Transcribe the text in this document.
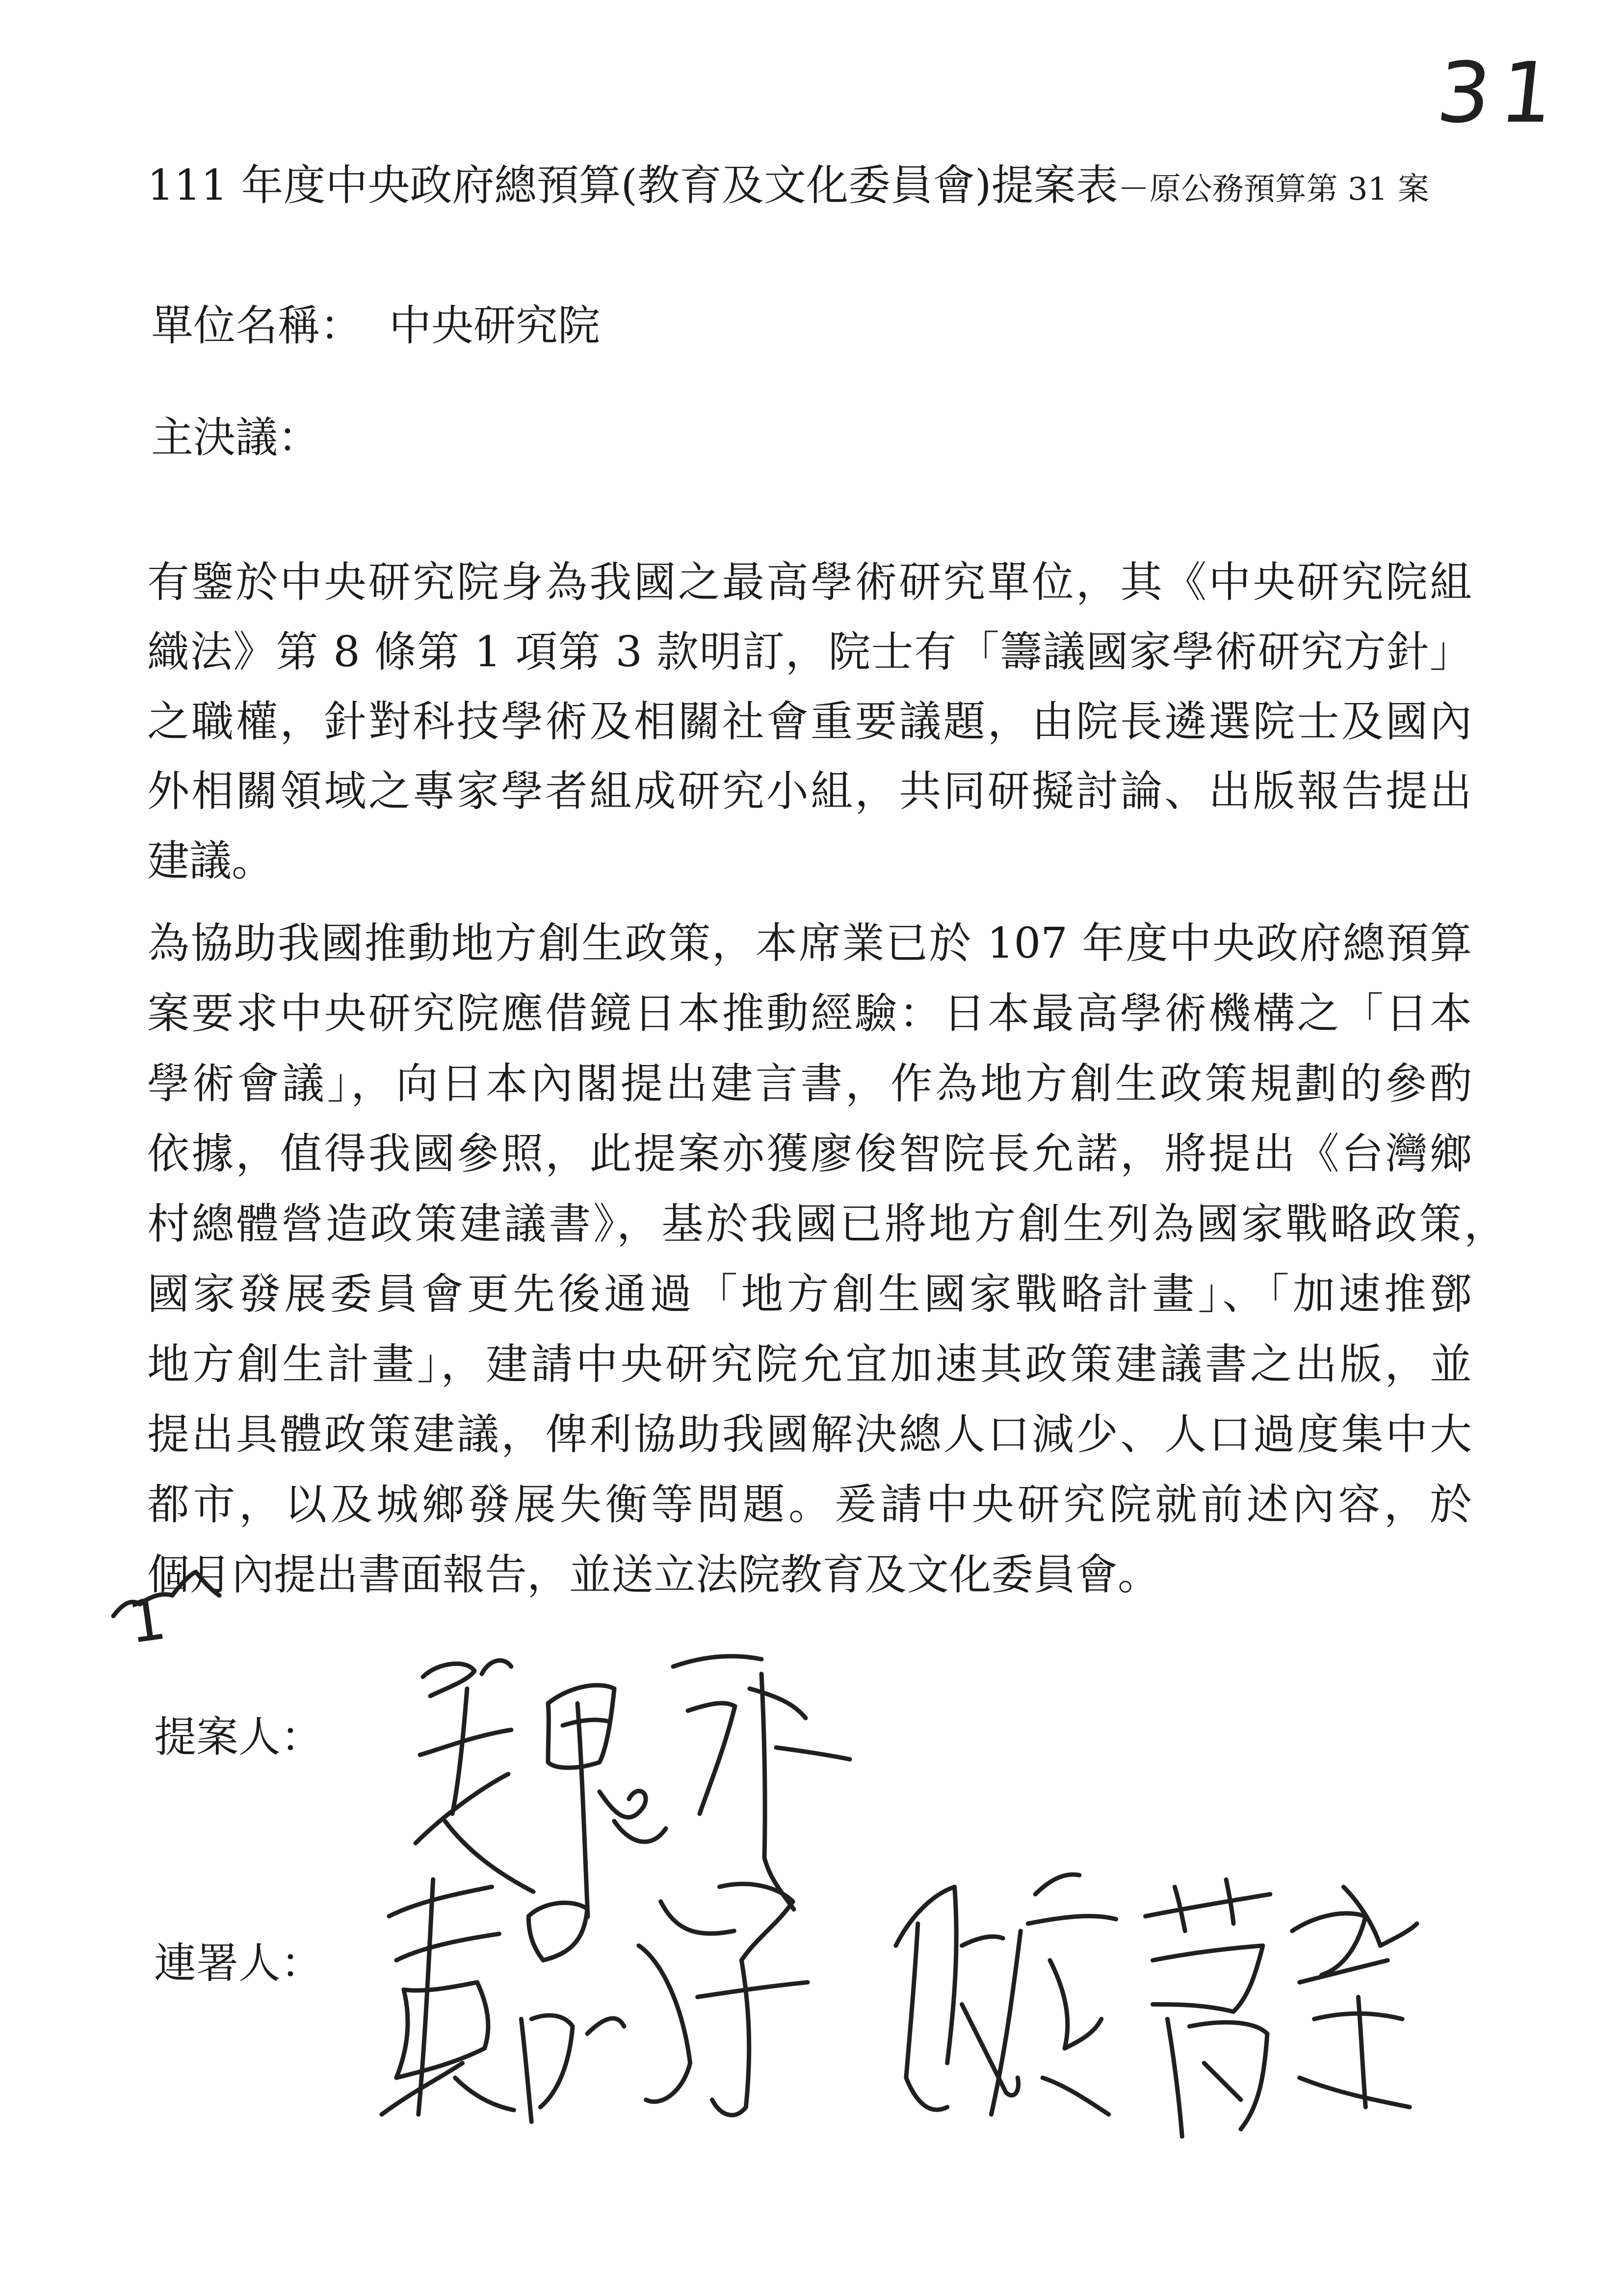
31
111 年度中央政府總預算(教育及文化委員會)提案表－原公務預算第 31 案
單位名稱： 中央研究院
主決議：
有鑒於中央研究院身為我國之最高學術研究單位，其《中央研究院組
織法》第 8 條第 1 項第 3 款明訂，院士有「籌議國家學術研究方針」
之職權，針對科技學術及相關社會重要議題，由院長遴選院士及國內
外相關領域之專家學者組成研究小組，共同研擬討論、出版報告提出
建議。
為協助我國推動地方創生政策，本席業已於 107 年度中央政府總預算
案要求中央研究院應借鏡日本推動經驗：日本最高學術機構之「日本
學術會議」，向日本內閣提出建言書，作為地方創生政策規劃的參酌
依據，值得我國參照，此提案亦獲廖俊智院長允諾，將提出《台灣鄉
村總體營造政策建議書》，基於我國已將地方創生列為國家戰略政策，
國家發展委員會更先後通過「地方創生國家戰略計畫」、「加速推鄧
地方創生計畫」，建請中央研究院允宜加速其政策建議書之出版，並
提出具體政策建議，俾利協助我國解決總人口減少、人口過度集中大
都市，以及城鄉發展失衡等問題。爰請中央研究院就前述內容，於
個月內提出書面報告，並送立法院教育及文化委員會。
1
提案人：
連署人：
